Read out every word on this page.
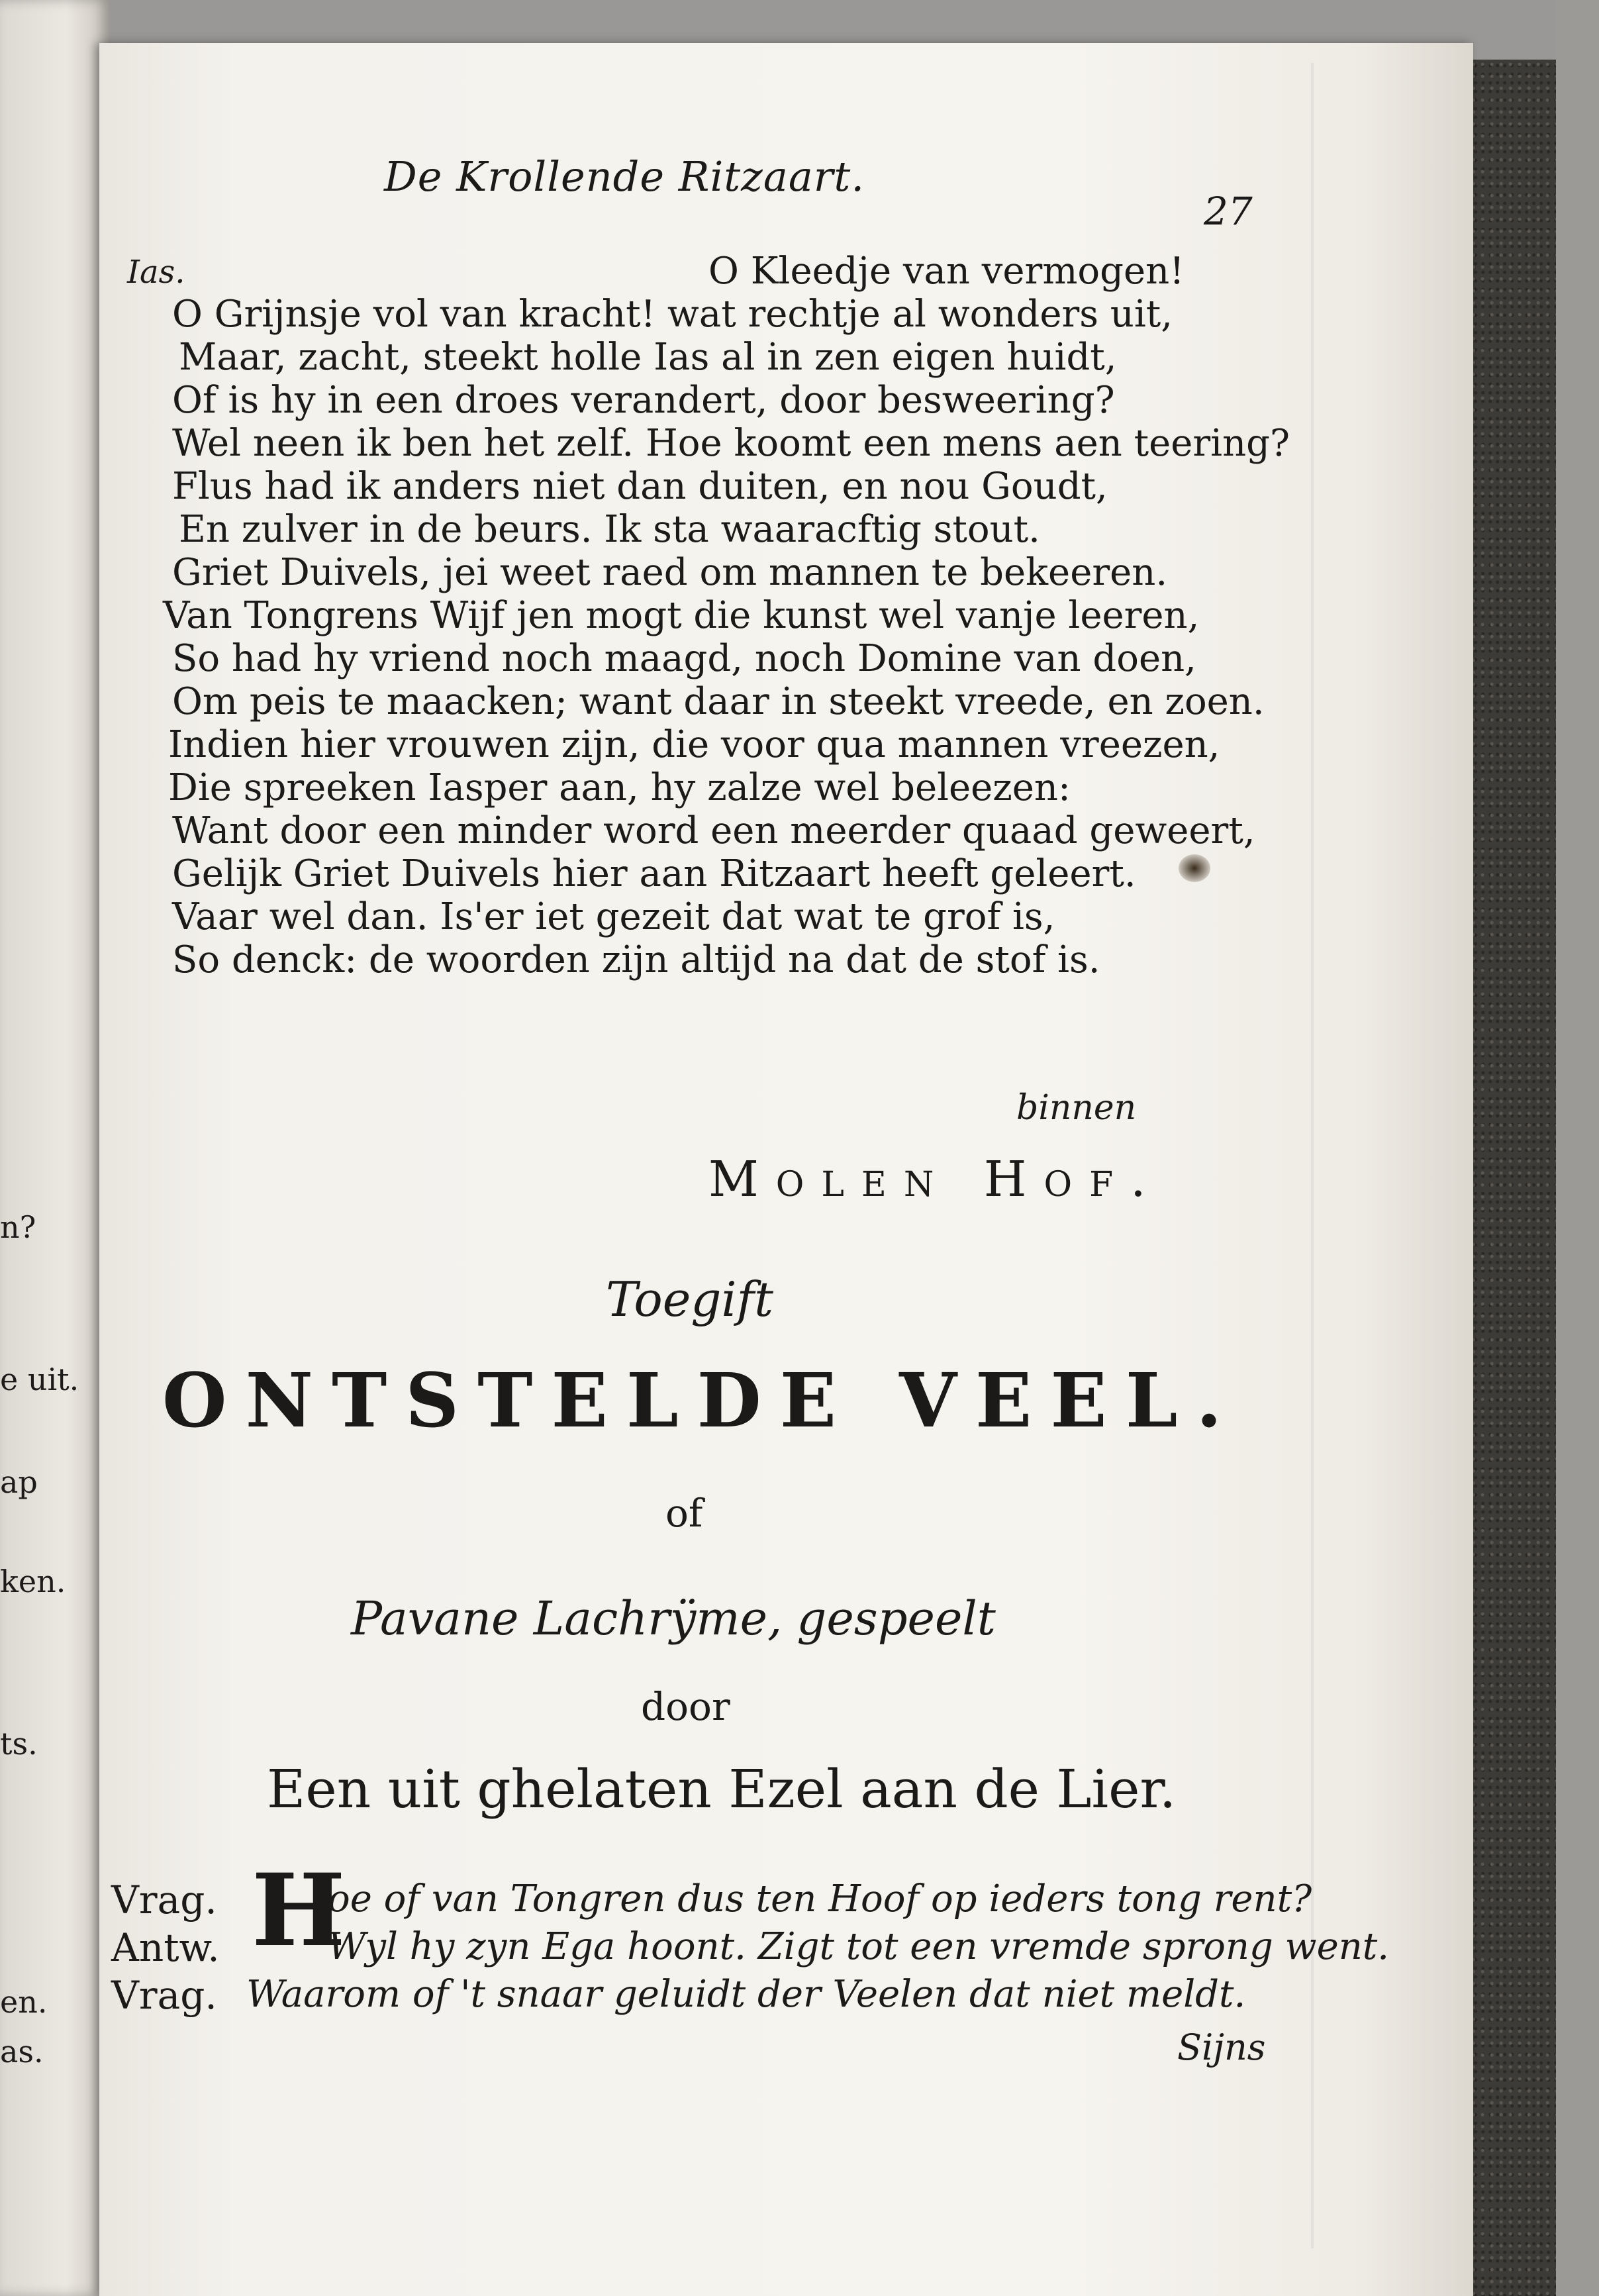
n?
e uit.
ap
ken.
ts.
en.
as.
De Krollende Ritzaart.
27
Ias.	O Kleedje van vermogen!
O Grijnsje vol van kracht! wat rechtje al wonders uit,
Maar, zacht, steekt holle Ias al in zen eigen huidt,
Of is hy in een droes verandert, door besweering?
Wel neen ik ben het zelf. Hoe koomt een mens aen teering?
Flus had ik anders niet dan duiten, en nou Goudt,
En zulver in de beurs. Ik sta waaracftig stout.
Griet Duivels, jei weet raed om mannen te bekeeren.
Van Tongrens Wijf jen mogt die kunst wel vanje leeren,
So had hy vriend noch maagd, noch Domine van doen,
Om peis te maacken; want daar in steekt vreede, en zoen.
Indien hier vrouwen zijn, die voor qua mannen vreezen,
Die spreeken Iasper aan, hy zalze wel beleezen:
Want door een minder word een meerder quaad geweert,
Gelijk Griet Duivels hier aan Ritzaart heeft geleert.
Vaar wel dan. Is'er iet gezeit dat wat te grof is,
So denck: de woorden zijn altijd na dat de stof is.
binnen
Molen Hof.
Toegift
ONTSTELDE VEEL.
of
Pavane Lachrÿme, gespeelt
door
Een uit ghelaten Ezel aan de Lier.
Vrag.
Antw.
Vrag.
H
oe of van Tongren dus ten Hoof op ieders tong rent?
Wyl hy zyn Ega hoont. Zigt tot een vremde sprong went.
Waarom of 't snaar geluidt der Veelen dat niet meldt.
Sijns
